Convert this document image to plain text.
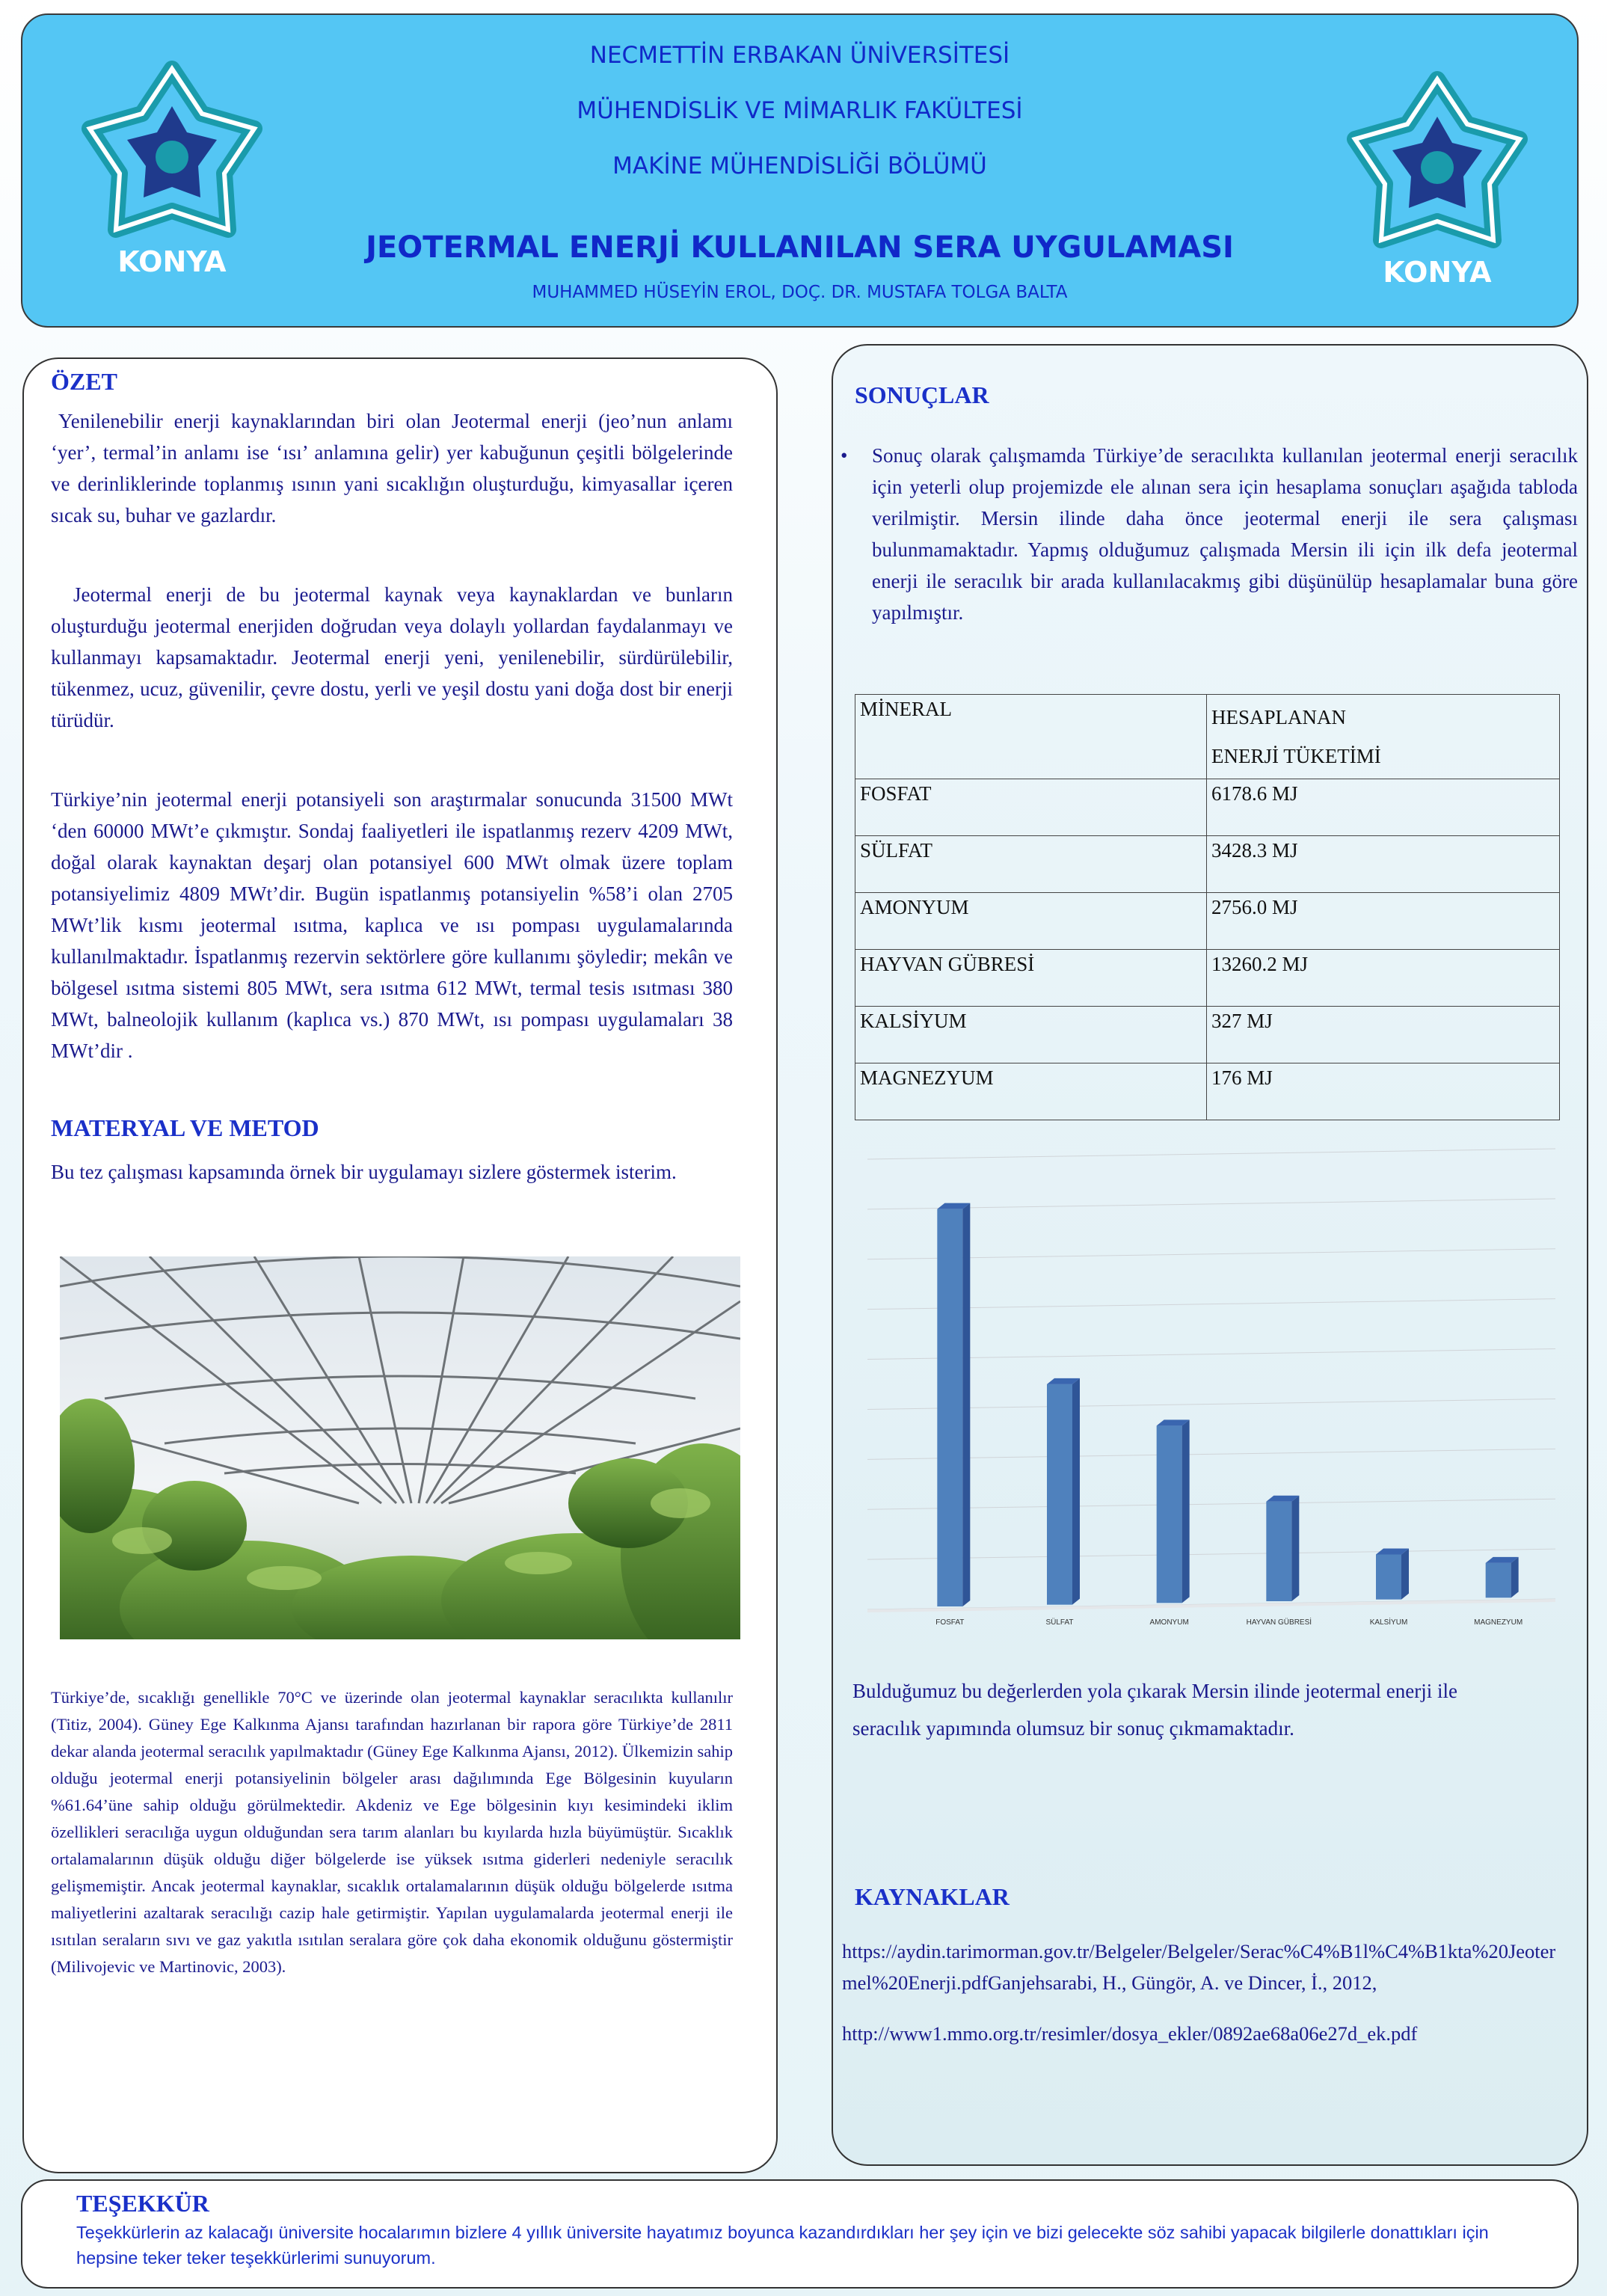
NECMETTİN ERBAKAN ÜNİVERSİTESİ
MÜHENDİSLİK VE MİMARLIK FAKÜLTESİ
MAKİNE MÜHENDİSLİĞİ BÖLÜMÜ
JEOTERMAL ENERJİ KULLANILAN SERA UYGULAMASI
MUHAMMED HÜSEYİN EROL, DOÇ. DR. MUSTAFA TOLGA BALTA
KONYA	KONYA
ÖZET
Yenilenebilir enerji kaynaklarından biri olan Jeotermal enerji (jeo’nun anlamı ‘yer’, termal’in anlamı ise ‘ısı’ anlamına gelir) yer kabuğunun çeşitli bölgelerinde ve derinliklerinde toplanmış ısının yani sıcaklığın oluşturduğu, kimyasallar içeren sıcak su, buhar ve gazlardır.
Jeotermal enerji de bu jeotermal kaynak veya kaynaklardan ve bunların oluşturduğu jeotermal enerjiden doğrudan veya dolaylı yollardan faydalanmayı ve kullanmayı kapsamaktadır. Jeotermal enerji yeni, yenilenebilir, sürdürülebilir, tükenmez, ucuz, güvenilir, çevre dostu, yerli ve yeşil dostu yani doğa dost bir enerji türüdür.
Türkiye’nin jeotermal enerji potansiyeli son araştırmalar sonucunda 31500 MWt ‘den 60000 MWt’e çıkmıştır. Sondaj faaliyetleri ile ispatlanmış rezerv 4209 MWt, doğal olarak kaynaktan deşarj olan potansiyel 600 MWt olmak üzere toplam potansiyelimiz 4809 MWt’dir. Bugün ispatlanmış potansiyelin %58’i olan 2705 MWt’lik kısmı jeotermal ısıtma, kaplıca ve ısı pompası uygulamalarında kullanılmaktadır. İspatlanmış rezervin sektörlere göre kullanımı şöyledir; mekân ve bölgesel ısıtma sistemi 805 MWt, sera ısıtma 612 MWt, termal tesis ısıtması 380 MWt, balneolojik kullanım (kaplıca vs.) 870 MWt, ısı pompası uygulamaları 38 MWt’dir .
MATERYAL VE METOD
Bu tez çalışması kapsamında örnek bir uygulamayı sizlere göstermek isterim.
Türkiye’de, sıcaklığı genellikle 70°C ve üzerinde olan jeotermal kaynaklar seracılıkta kullanılır (Titiz, 2004). Güney Ege Kalkınma Ajansı tarafından hazırlanan bir rapora göre Türkiye’de 2811 dekar alanda jeotermal seracılık yapılmaktadır (Güney Ege Kalkınma Ajansı, 2012). Ülkemizin sahip olduğu jeotermal enerji potansiyelinin bölgeler arası dağılımında Ege Bölgesinin kuyuların %61.64’üne sahip olduğu görülmektedir. Akdeniz ve Ege bölgesinin kıyı kesimindeki iklim özellikleri seracılığa uygun olduğundan sera tarım alanları bu kıyılarda hızla büyümüştür. Sıcaklık ortalamalarının düşük olduğu diğer bölgelerde ise yüksek ısıtma giderleri nedeniyle seracılık gelişmemiştir. Ancak jeotermal kaynaklar, sıcaklık ortalamalarının düşük olduğu bölgelerde ısıtma maliyetlerini azaltarak seracılığı cazip hale getirmiştir. Yapılan uygulamalarda jeotermal enerji ile ısıtılan seraların sıvı ve gaz yakıtla ısıtılan seralara göre çok daha ekonomik olduğunu göstermiştir (Milivojevic ve Martinovic, 2003).
SONUÇLAR
• Sonuç olarak çalışmamda Türkiye’de seracılıkta kullanılan jeotermal enerji seracılık için yeterli olup projemizde ele alınan sera için hesaplama sonuçları aşağıda tabloda verilmiştir. Mersin ilinde daha önce jeotermal enerji ile sera çalışması bulunmamaktadır. Yapmış olduğumuz çalışmada Mersin ili için ilk defa jeotermal enerji ile seracılık bir arada kullanılacakmış gibi düşünülüp hesaplamalar buna göre yapılmıştır.
MİNERAL	HESAPLANAN
ENERJİ TÜKETİMİ
FOSFAT	6178.6 MJ
SÜLFAT	3428.3 MJ
AMONYUM	2756.0 MJ
HAYVAN GÜBRESİ	13260.2 MJ
KALSİYUM	327 MJ
MAGNEZYUM	176 MJ
FOSFAT	SÜLFAT	AMONYUM	HAYVAN GÜBRESİ	KALSİYUM	MAGNEZYUM
Bulduğumuz bu değerlerden yola çıkarak Mersin ilinde jeotermal enerji ile seracılık yapımında olumsuz bir sonuç çıkmamaktadır.
KAYNAKLAR
https://aydin.tarimorman.gov.tr/Belgeler/Belgeler/Serac%C4%B1l%C4%B1kta%20Jeotermel%20Enerji.pdfGanjehsarabi, H., Güngör, A. ve Dincer, İ., 2012,
http://www1.mmo.org.tr/resimler/dosya_ekler/0892ae68a06e27d_ek.pdf
TEŞEKKÜR
Teşekkürlerin az kalacağı üniversite hocalarımın bizlere 4 yıllık üniversite hayatımız boyunca kazandırdıkları her şey için ve bizi gelecekte söz sahibi yapacak bilgilerle donattıkları için hepsine teker teker teşekkürlerimi sunuyorum.
